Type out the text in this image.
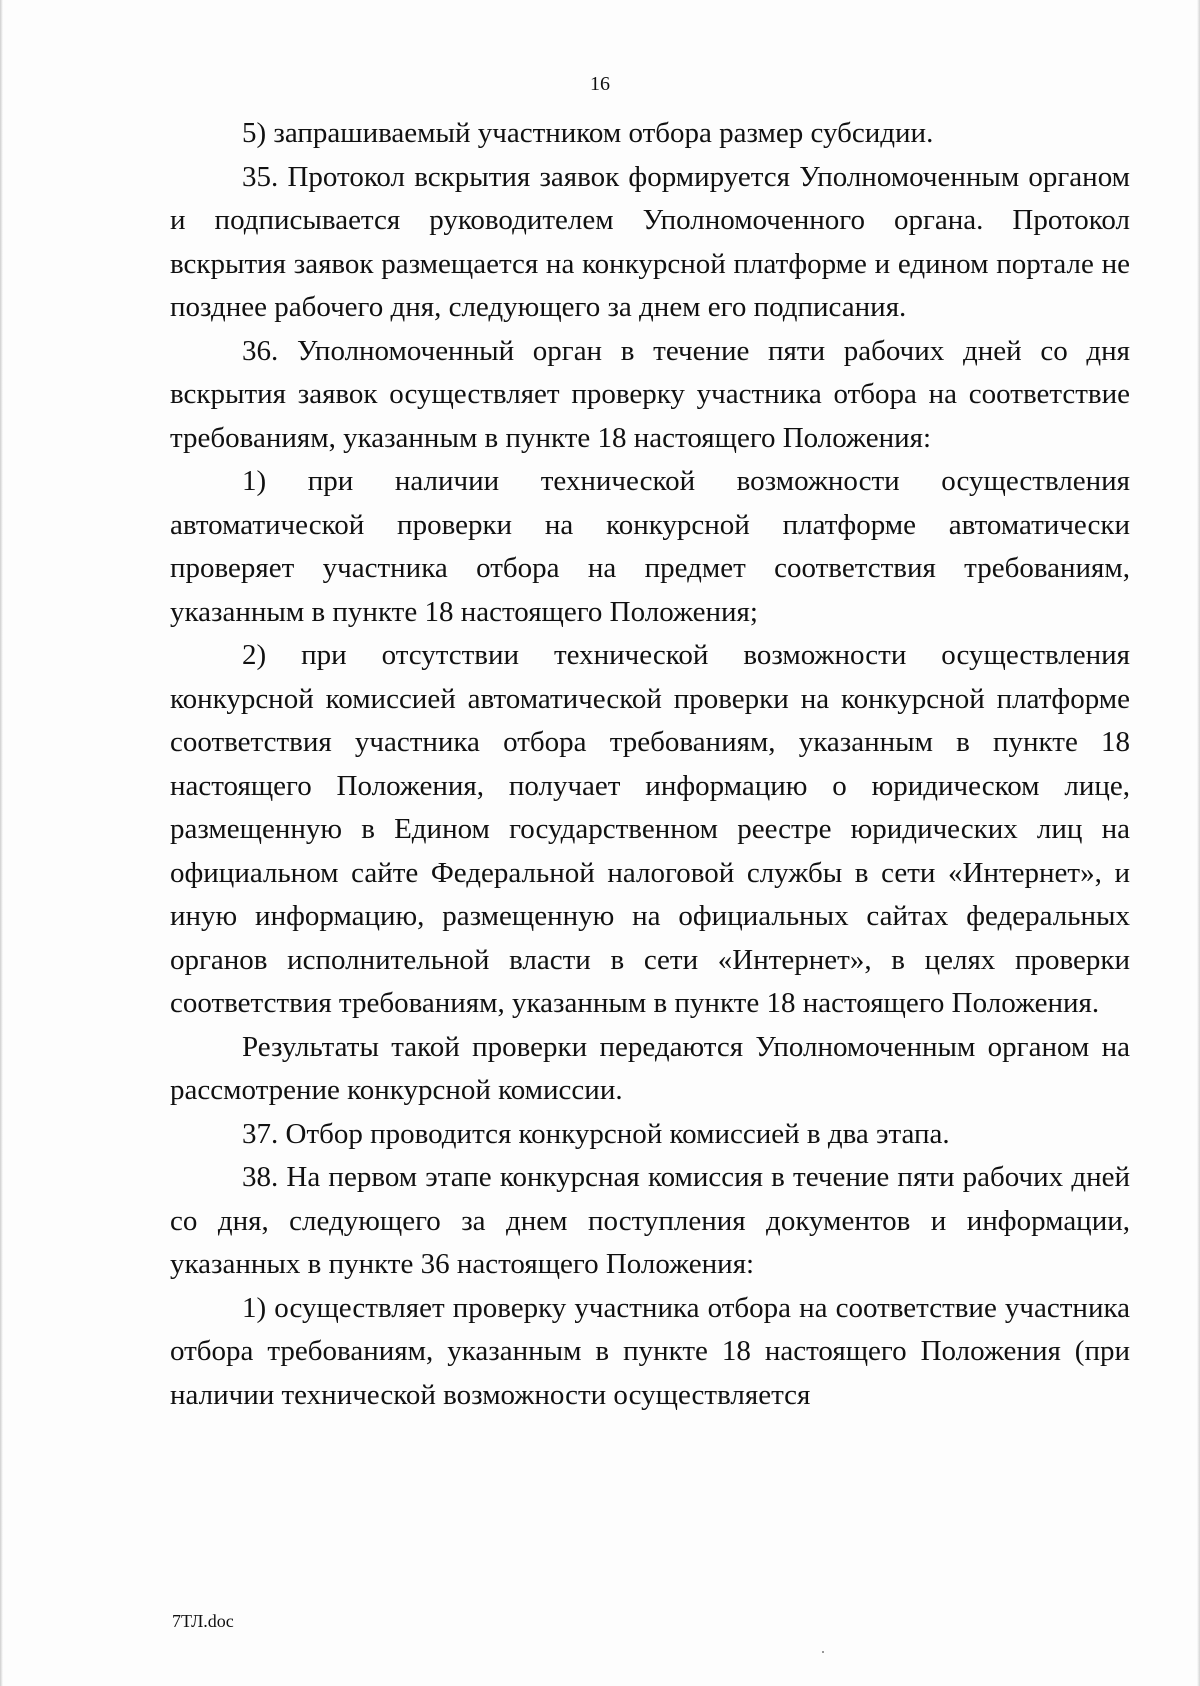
16

5) запрашиваемый участником отбора размер субсидии.

35. Протокол вскрытия заявок формируется Уполномоченным органом и подписывается руководителем Уполномоченного органа. Протокол вскрытия заявок размещается на конкурсной платформе и едином портале не позднее рабочего дня, следующего за днем его подписания.

36. Уполномоченный орган в течение пяти рабочих дней со дня вскрытия заявок осуществляет проверку участника отбора на соответствие требованиям, указанным в пункте 18 настоящего Положения:

1) при наличии технической возможности осуществления автоматической проверки на конкурсной платформе автоматически проверяет участника отбора на предмет соответствия требованиям, указанным в пункте 18 настоящего Положения;

2) при отсутствии технической возможности осуществления конкурсной комиссией автоматической проверки на конкурсной платформе соответствия участника отбора требованиям, указанным в пункте 18 настоящего Положения, получает информацию о юридическом лице, размещенную в Едином государственном реестре юридических лиц на официальном сайте Федеральной налоговой службы в сети «Интернет», и иную информацию, размещенную на официальных сайтах федеральных органов исполнительной власти в сети «Интернет», в целях проверки соответствия требованиям, указанным в пункте 18 настоящего Положения.

Результаты такой проверки передаются Уполномоченным органом на рассмотрение конкурсной комиссии.

37. Отбор проводится конкурсной комиссией в два этапа.

38. На первом этапе конкурсная комиссия в течение пяти рабочих дней со дня, следующего за днем поступления документов и информации, указанных в пункте 36 настоящего Положения:

1) осуществляет проверку участника отбора на соответствие участника отбора требованиям, указанным в пункте 18 настоящего Положения (при наличии технической возможности осуществляется

7ТЛ.doc
